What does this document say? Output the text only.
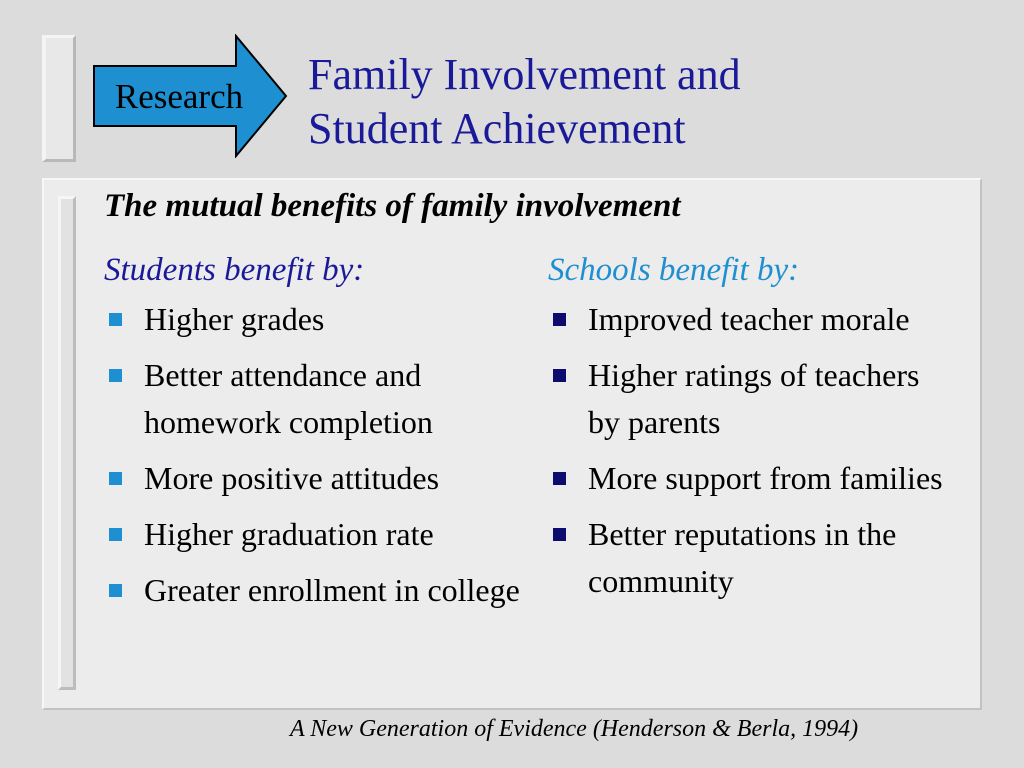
Research	Family Involvement and
Student Achievement
The mutual benefits of family involvement
Students benefit by:
Higher grades
Better attendance and homework completion
More positive attitudes
Higher graduation rate
Greater enrollment in college
Schools benefit by:
Improved teacher morale
Higher ratings of teachers by parents
More support from families
Better reputations in the community
A New Generation of Evidence (Henderson & Berla, 1994)
